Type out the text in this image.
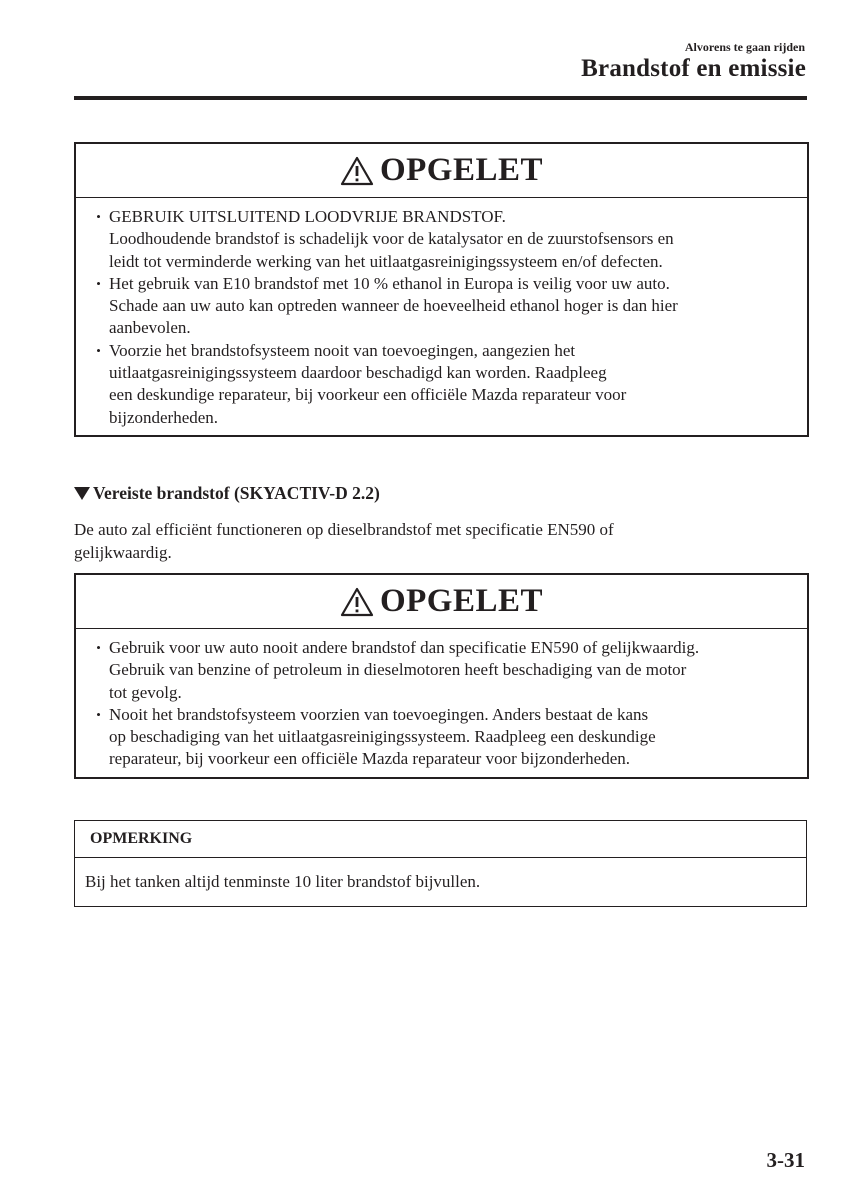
Alvorens te gaan rijden
Brandstof en emissie
OPGELET
• GEBRUIK UITSLUITEND LOODVRIJE BRANDSTOF.
Loodhoudende brandstof is schadelijk voor de katalysator en de zuurstofsensors en
leidt tot verminderde werking van het uitlaatgasreinigingssysteem en/of defecten.
• Het gebruik van E10 brandstof met 10 % ethanol in Europa is veilig voor uw auto.
Schade aan uw auto kan optreden wanneer de hoeveelheid ethanol hoger is dan hier
aanbevolen.
• Voorzie het brandstofsysteem nooit van toevoegingen, aangezien het
uitlaatgasreinigingssysteem daardoor beschadigd kan worden. Raadpleeg
een deskundige reparateur, bij voorkeur een officiële Mazda reparateur voor
bijzonderheden.
Vereiste brandstof (SKYACTIV-D 2.2)
De auto zal efficiënt functioneren op dieselbrandstof met specificatie EN590 of
gelijkwaardig.
OPGELET
• Gebruik voor uw auto nooit andere brandstof dan specificatie EN590 of gelijkwaardig.
Gebruik van benzine of petroleum in dieselmotoren heeft beschadiging van de motor
tot gevolg.
• Nooit het brandstofsysteem voorzien van toevoegingen. Anders bestaat de kans
op beschadiging van het uitlaatgasreinigingssysteem. Raadpleeg een deskundige
reparateur, bij voorkeur een officiële Mazda reparateur voor bijzonderheden.
OPMERKING
Bij het tanken altijd tenminste 10 liter brandstof bijvullen.
3-31
